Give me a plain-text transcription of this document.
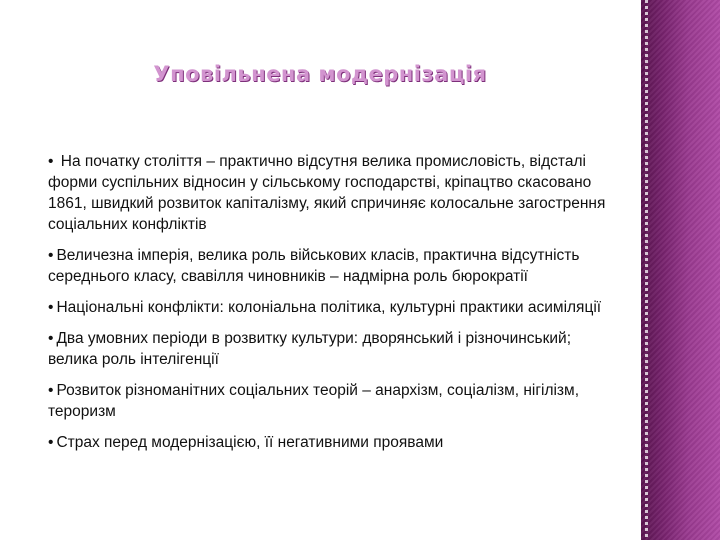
Уповільнена модернізація

• На початку століття – практично відсутня велика промисловість, відсталі форми суспільних відносин у сільському господарстві, кріпацтво скасовано 1861, швидкий розвиток капіталізму, який спричиняє колосальне загострення соціальних конфліктів

• Величезна імперія, велика роль військових класів, практична відсутність середнього класу, свавілля чиновників – надмірна роль бюрократії

• Національні конфлікти: колоніальна політика, культурні практики асиміляції

• Два умовних періоди в розвитку культури: дворянський і різночинський; велика роль інтелігенції

• Розвиток різноманітних соціальних теорій – анархізм, соціалізм, нігілізм, тероризм

• Страх перед модернізацією, її негативними проявами
